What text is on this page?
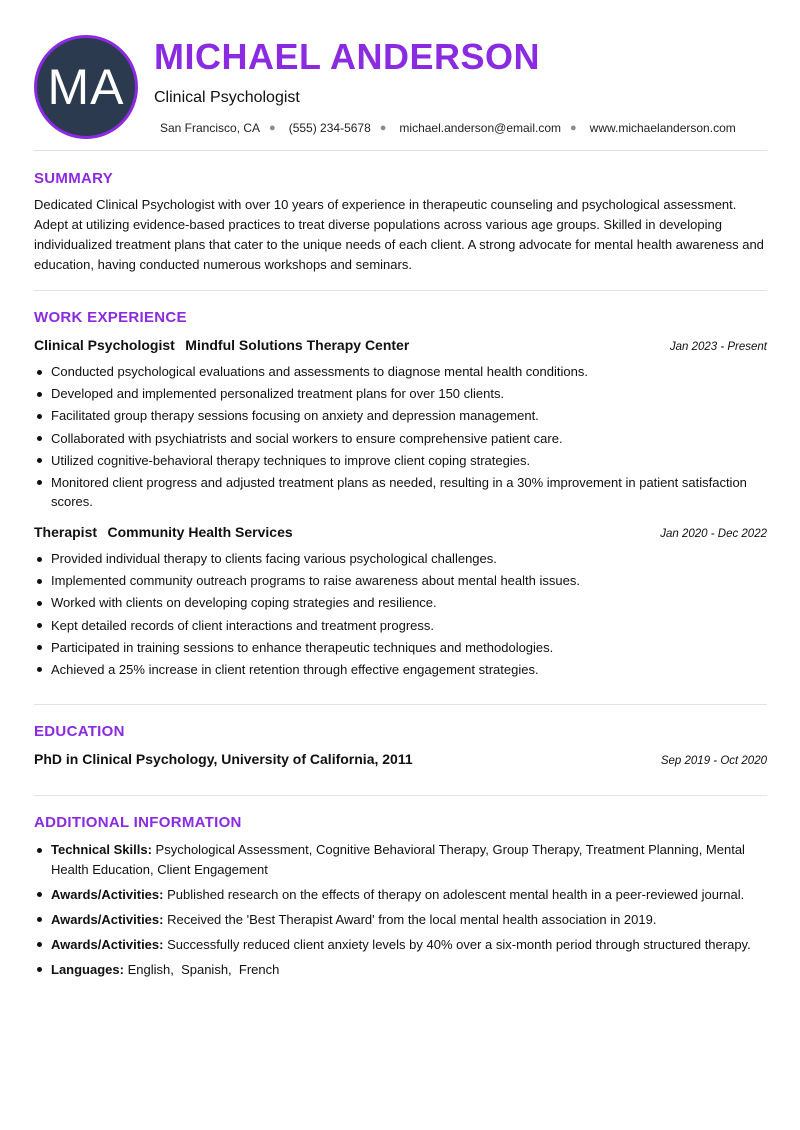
MA
MICHAEL ANDERSON
Clinical Psychologist
San Francisco, CA ● (555) 234-5678 ● michael.anderson@email.com ● www.michaelanderson.com
SUMMARY

Dedicated Clinical Psychologist with over 10 years of experience in therapeutic counseling and psychological assessment. Adept at utilizing evidence-based practices to treat diverse populations across various age groups. Skilled in developing individualized treatment plans that cater to the unique needs of each client. A strong advocate for mental health awareness and education, having conducted numerous workshops and seminars.

WORK EXPERIENCE
Clinical Psychologist Mindful Solutions Therapy Center	Jan 2023 - Present
Conducted psychological evaluations and assessments to diagnose mental health conditions.
Developed and implemented personalized treatment plans for over 150 clients.
Facilitated group therapy sessions focusing on anxiety and depression management.
Collaborated with psychiatrists and social workers to ensure comprehensive patient care.
Utilized cognitive-behavioral therapy techniques to improve client coping strategies.
Monitored client progress and adjusted treatment plans as needed, resulting in a 30% improvement in patient satisfaction scores.
Therapist Community Health Services	Jan 2020 - Dec 2022
Provided individual therapy to clients facing various psychological challenges.
Implemented community outreach programs to raise awareness about mental health issues.
Worked with clients on developing coping strategies and resilience.
Kept detailed records of client interactions and treatment progress.
Participated in training sessions to enhance therapeutic techniques and methodologies.
Achieved a 25% increase in client retention through effective engagement strategies.
EDUCATION
PhD in Clinical Psychology, University of California, 2011	Sep 2019 - Oct 2020
ADDITIONAL INFORMATION
Technical Skills: Psychological Assessment, Cognitive Behavioral Therapy, Group Therapy, Treatment Planning, Mental Health Education, Client Engagement
Awards/Activities: Published research on the effects of therapy on adolescent mental health in a peer-reviewed journal.
Awards/Activities: Received the 'Best Therapist Award' from the local mental health association in 2019.
Awards/Activities: Successfully reduced client anxiety levels by 40% over a six-month period through structured therapy.
Languages: English,  Spanish,  French
